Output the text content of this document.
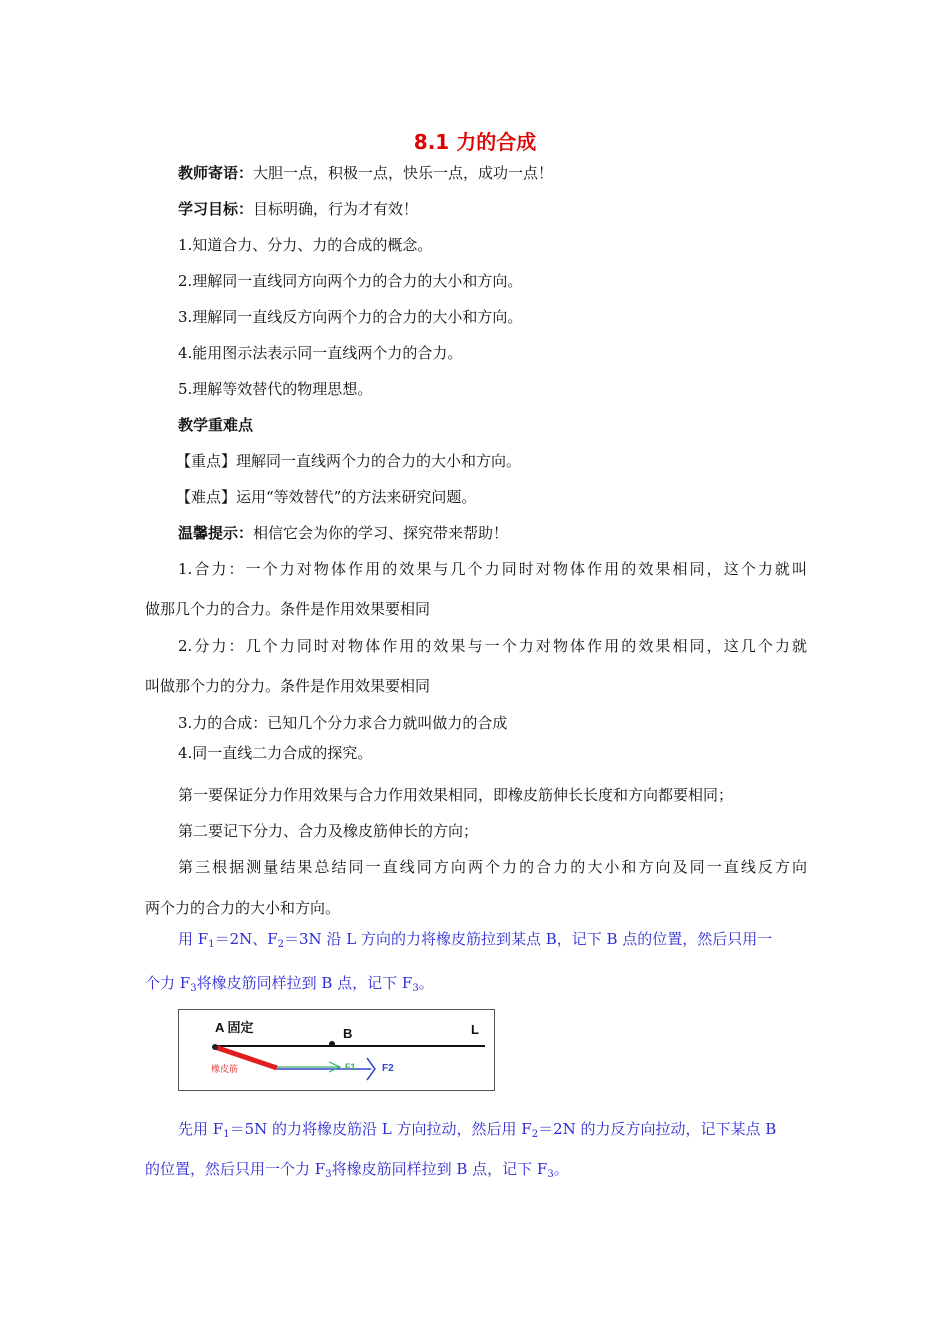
8.1 力的合成
教师寄语：大胆一点，积极一点，快乐一点，成功一点！
学习目标：目标明确，行为才有效！
1.知道合力、分力、力的合成的概念。
2.理解同一直线同方向两个力的合力的大小和方向。
3.理解同一直线反方向两个力的合力的大小和方向。
4.能用图示法表示同一直线两个力的合力。
5.理解等效替代的物理思想。
教学重难点
【重点】理解同一直线两个力的合力的大小和方向。
【难点】运用“等效替代”的方法来研究问题。
温馨提示：相信它会为你的学习、探究带来帮助！
1.合力：一个力对物体作用的效果与几个力同时对物体作用的效果相同，这个力就叫
做那几个力的合力。条件是作用效果要相同
2.分力：几个力同时对物体作用的效果与一个力对物体作用的效果相同，这几个力就
叫做那个力的分力。条件是作用效果要相同
3.力的合成：已知几个分力求合力就叫做力的合成
4.同一直线二力合成的探究。
第一要保证分力作用效果与合力作用效果相同，即橡皮筋伸长长度和方向都要相同；
第二要记下分力、合力及橡皮筋伸长的方向；
第三根据测量结果总结同一直线同方向两个力的合力的大小和方向及同一直线反方向
两个力的合力的大小和方向。
用 $F_1=2N$、$F_2=3N$ 沿 L 方向的力将橡皮筋拉到某点 B，记下 B 点的位置，然后只用一
个力 $F_3$将橡皮筋同样拉到 B 点，记下 $F_3$。
A 固定	B	L
橡皮筋	F1	F2
先用 $F_1=5N$ 的力将橡皮筋沿 L 方向拉动，然后用 $F_2=2N$ 的力反方向拉动，记下某点 B
的位置，然后只用一个力 $F_3$将橡皮筋同样拉到 B 点，记下 $F_3$。
